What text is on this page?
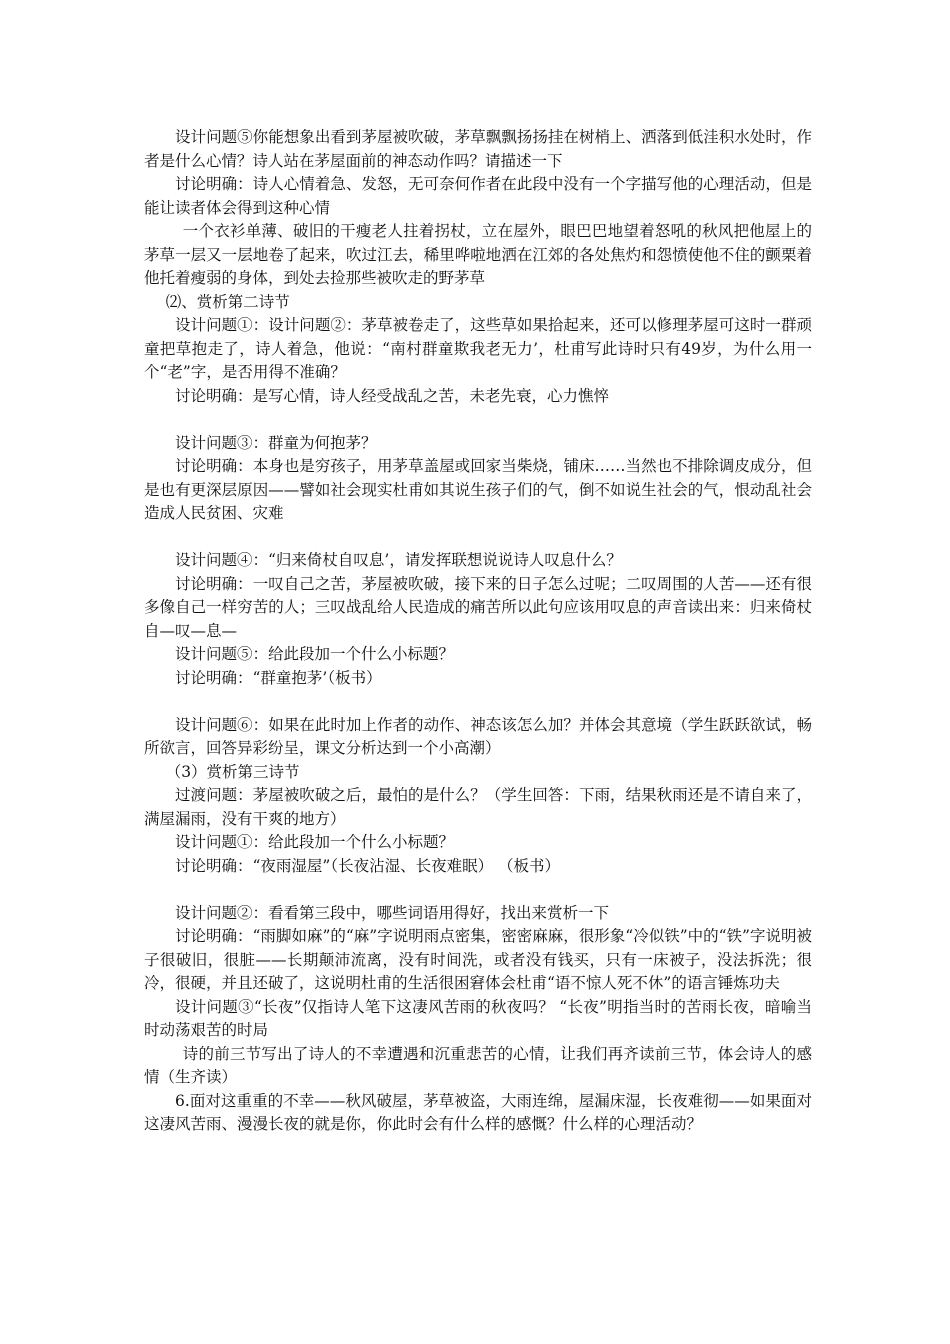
设计问题⑤你能想象出看到茅屋被吹破，茅草飘飘扬扬挂在树梢上、洒落到低洼积水处时，作者是什么心情？诗人站在茅屋面前的神态动作吗？请描述一下

讨论明确：诗人心情着急、发怒，无可奈何作者在此段中没有一个字描写他的心理活动，但是能让读者体会得到这种心情

一个衣衫单薄、破旧的干瘦老人拄着拐杖，立在屋外，眼巴巴地望着怒吼的秋风把他屋上的茅草一层又一层地卷了起来，吹过江去，稀里哗啦地洒在江郊的各处焦灼和怨愤使他不住的颤栗着他托着瘦弱的身体，到处去捡那些被吹走的野茅草

⑵、赏析第二诗节

设计问题①：设计问题②：茅草被卷走了，这些草如果拾起来，还可以修理茅屋可这时一群顽童把草抱走了，诗人着急，他说：“南村群童欺我老无力’，杜甫写此诗时只有49岁，为什么用一个“老”字，是否用得不准确？

讨论明确：是写心情，诗人经受战乱之苦，未老先衰，心力憔悴

设计问题③：群童为何抱茅？

讨论明确：本身也是穷孩子，用茅草盖屋或回家当柴烧，铺床……当然也不排除调皮成分，但是也有更深层原因——譬如社会现实杜甫如其说生孩子们的气，倒不如说生社会的气，恨动乱社会造成人民贫困、灾难

设计问题④：“归来倚杖自叹息’，请发挥联想说说诗人叹息什么？

讨论明确：一叹自己之苦，茅屋被吹破，接下来的日子怎么过呢；二叹周围的人苦——还有很多像自己一样穷苦的人；三叹战乱给人民造成的痛苦所以此句应该用叹息的声音读出来：归来倚杖自—叹—息—

设计问题⑤：给此段加一个什么小标题？

讨论明确：“群童抱茅’（板书）

设计问题⑥：如果在此时加上作者的动作、神态该怎么加？并体会其意境（学生跃跃欲试，畅所欲言，回答异彩纷呈，课文分析达到一个小高潮）

（3）赏析第三诗节

过渡问题：茅屋被吹破之后，最怕的是什么？（学生回答：下雨，结果秋雨还是不请自来了，满屋漏雨，没有干爽的地方）

设计问题①：给此段加一个什么小标题？

讨论明确：“夜雨湿屋”（长夜沾湿、长夜难眠） （板书）

设计问题②：看看第三段中，哪些词语用得好，找出来赏析一下

讨论明确：“雨脚如麻”的“麻”字说明雨点密集，密密麻麻，很形象“冷似铁”中的“铁”字说明被子很破旧，很脏——长期颠沛流离，没有时间洗，或者没有钱买，只有一床被子，没法拆洗；很冷，很硬，并且还破了，这说明杜甫的生活很困窘体会杜甫“语不惊人死不休”的语言锤炼功夫

设计问题③“长夜”仅指诗人笔下这凄风苦雨的秋夜吗？ “长夜”明指当时的苦雨长夜，暗喻当时动荡艰苦的时局

诗的前三节写出了诗人的不幸遭遇和沉重悲苦的心情，让我们再齐读前三节，体会诗人的感情（生齐读）

6.面对这重重的不幸——秋风破屋，茅草被盗，大雨连绵，屋漏床湿，长夜难彻——如果面对这凄风苦雨、漫漫长夜的就是你，你此时会有什么样的感慨？什么样的心理活动？
